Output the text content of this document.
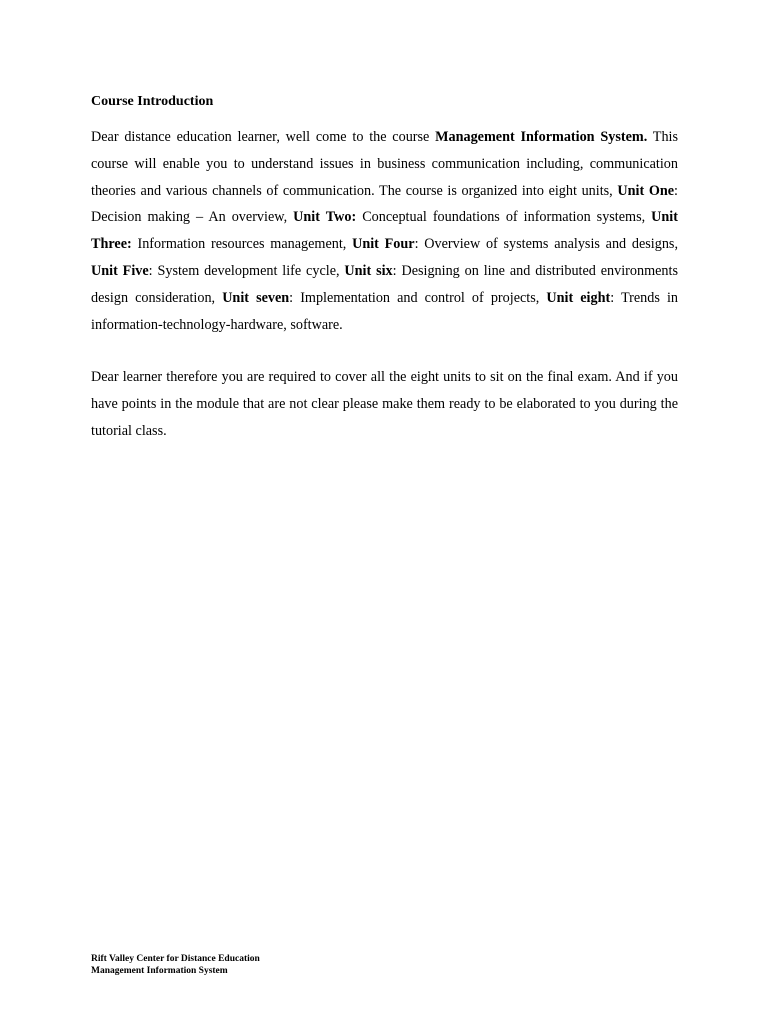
Course Introduction

Dear distance education learner, well come to the course Management Information System. This course will enable you to understand issues in business communication including, communication theories and various channels of communication. The course is organized into eight units, Unit One: Decision making – An overview, Unit Two: Conceptual foundations of information systems, Unit Three: Information resources management, Unit Four: Overview of systems analysis and designs, Unit Five: System development life cycle, Unit six: Designing on line and distributed environments design consideration, Unit seven: Implementation and control of projects, Unit eight: Trends in information-technology-hardware, software.

Dear learner therefore you are required to cover all the eight units to sit on the final exam. And if you have points in the module that are not clear please make them ready to be elaborated to you during the tutorial class.

Rift Valley Center for Distance Education
Management Information System
